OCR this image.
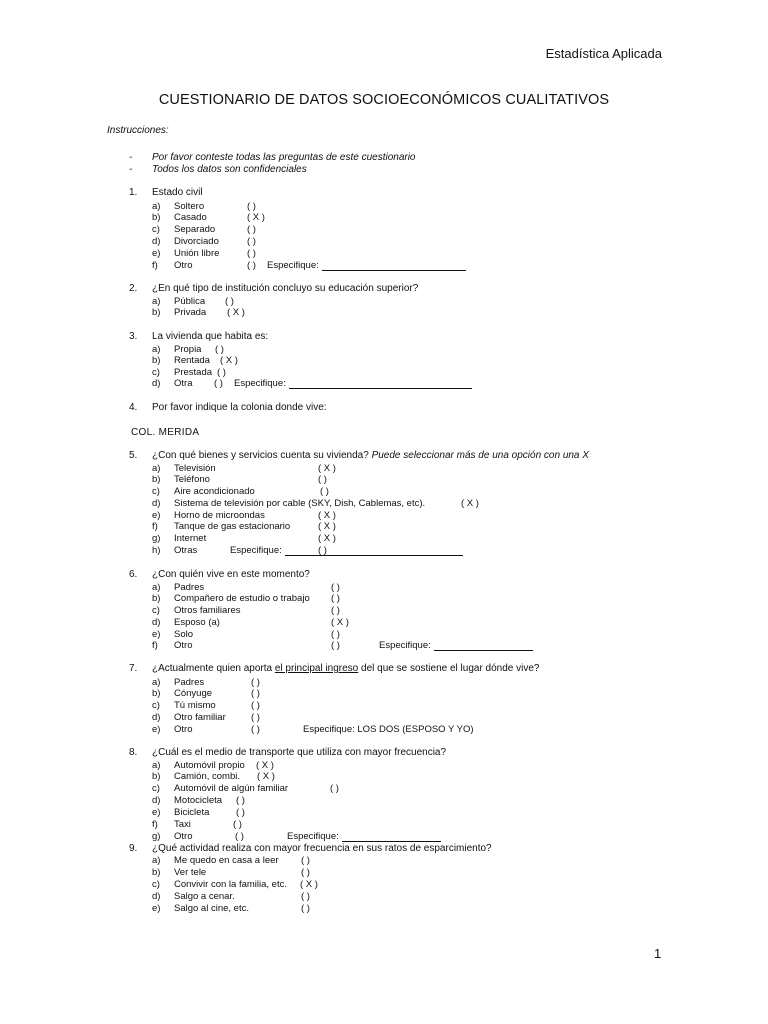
Estadística Aplicada
CUESTIONARIO DE DATOS SOCIOECONÓMICOS CUALITATIVOS
Instrucciones:
- Por favor conteste todas las preguntas de este cuestionario
- Todos los datos son confidenciales
1. Estado civil
a) Soltero	( )
b) Casado	( X )
c) Separado	( )
d) Divorciado	( )
e) Unión libre	( )
f) Otro	( ) Especifique:
2. ¿En qué tipo de institución concluyo su educación superior?
a) Pública ( )
b) Privada ( X )
3. La vivienda que habita es:
a) Propia ( )
b) Rentada ( X )
c) Prestada ( )
d) Otra ( ) Especifique:
4. Por favor indique la colonia donde vive:
5. ¿Con qué bienes y servicios cuenta su vivienda? Puede seleccionar más de una opción con una X
a) Televisión	( X )
b) Teléfono	( )
c) Aire acondicionado	( )
d) Sistema de televisión por cable (SKY, Dish, Cablemas, etc).	( X )
e) Horno de microondas	( X )
f) Tanque de gas estacionario	( X )
g) Internet	( X )
h) Otras	( )
Especifique:
6. ¿Con quién vive en este momento?
a) Padres	( )
b) Compañero de estudio o trabajo ( )
c) Otros familiares	( )
d) Esposo (a)	( X )
e) Solo	( )
f) Otro	( )	Especifique:
7. ¿Actualmente quien aporta el principal ingreso del que se sostiene el lugar dónde vive?
a) Padres	( )
b) Cónyuge	( )
c) Tú mismo	( )
d) Otro familiar	( )
e) Otro	( )	Especifique: LOS DOS (ESPOSO Y YO)
8. ¿Cuál es el medio de transporte que utiliza con mayor frecuencia?
a) Automóvil propio ( X )
b) Camión, combi. ( X )
c) Automóvil de algún familiar	( )
d) Motocicleta ( )
e) Bicicleta	( )
f) Taxi	( )
g) Otro	( )	Especifique:
9. ¿Qué actividad realiza con mayor frecuencia en sus ratos de esparcimiento?
a) Me quedo en casa a leer ( )
b) Ver tele	( )
c) Convivir con la familia, etc. ( X )
d) Salgo a cenar.	( )
e) Salgo al cine, etc.	( )
COL. MERIDA
1
